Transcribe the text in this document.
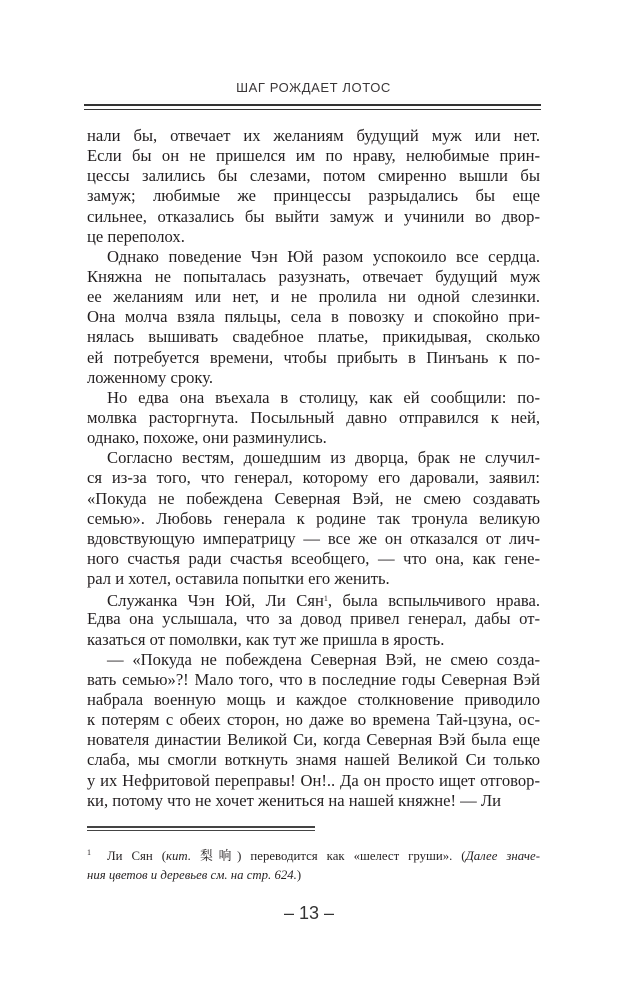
ШАГ РОЖДАЕТ ЛОТОС
нали бы, отвечает их желаниям будущий муж или нет.
Если бы он не пришелся им по нраву, нелюбимые прин-
цессы залились бы слезами, потом смиренно вышли бы
замуж; любимые же принцессы разрыдались бы еще
сильнее, отказались бы выйти замуж и учинили во двор-
це переполох.
Однако поведение Чэн Юй разом успокоило все сердца.
Княжна не попыталась разузнать, отвечает будущий муж
ее желаниям или нет, и не пролила ни одной слезинки.
Она молча взяла пяльцы, села в повозку и спокойно при-
нялась вышивать свадебное платье, прикидывая, сколько
ей потребуется времени, чтобы прибыть в Пинъань к по-
ложенному сроку.
Но едва она въехала в столицу, как ей сообщили: по-
молвка расторгнута. Посыльный давно отправился к ней,
однако, похоже, они разминулись.
Согласно вестям, дошедшим из дворца, брак не случил-
ся из-за того, что генерал, которому его даровали, заявил:
«Покуда не побеждена Северная Вэй, не смею создавать
семью». Любовь генерала к родине так тронула великую
вдовствующую императрицу — все же он отказался от лич-
ного счастья ради счастья всеобщего, — что она, как гене-
рал и хотел, оставила попытки его женить.
Служанка Чэн Юй, Ли Сян$^1$, была вспыльчивого нрава.
Едва она услышала, что за довод привел генерал, дабы от-
казаться от помолвки, как тут же пришла в ярость.
— «Покуда не побеждена Северная Вэй, не смею созда-
вать семью»?! Мало того, что в последние годы Северная Вэй
набрала военную мощь и каждое столкновение приводило
к потерям с обеих сторон, но даже во времена Тай-цзуна, ос-
нователя династии Великой Си, когда Северная Вэй была еще
слаба, мы смогли воткнуть знамя нашей Великой Си только
у их Нефритовой переправы! Он!.. Да он просто ищет отговор-
ки, потому что не хочет жениться на нашей княжне! — Ли
$^1$ Ли Сян (кит. 梨响) переводится как «шелест груши». (Далее значе-
ния цветов и деревьев см. на стр. 624.)
– 13 –
